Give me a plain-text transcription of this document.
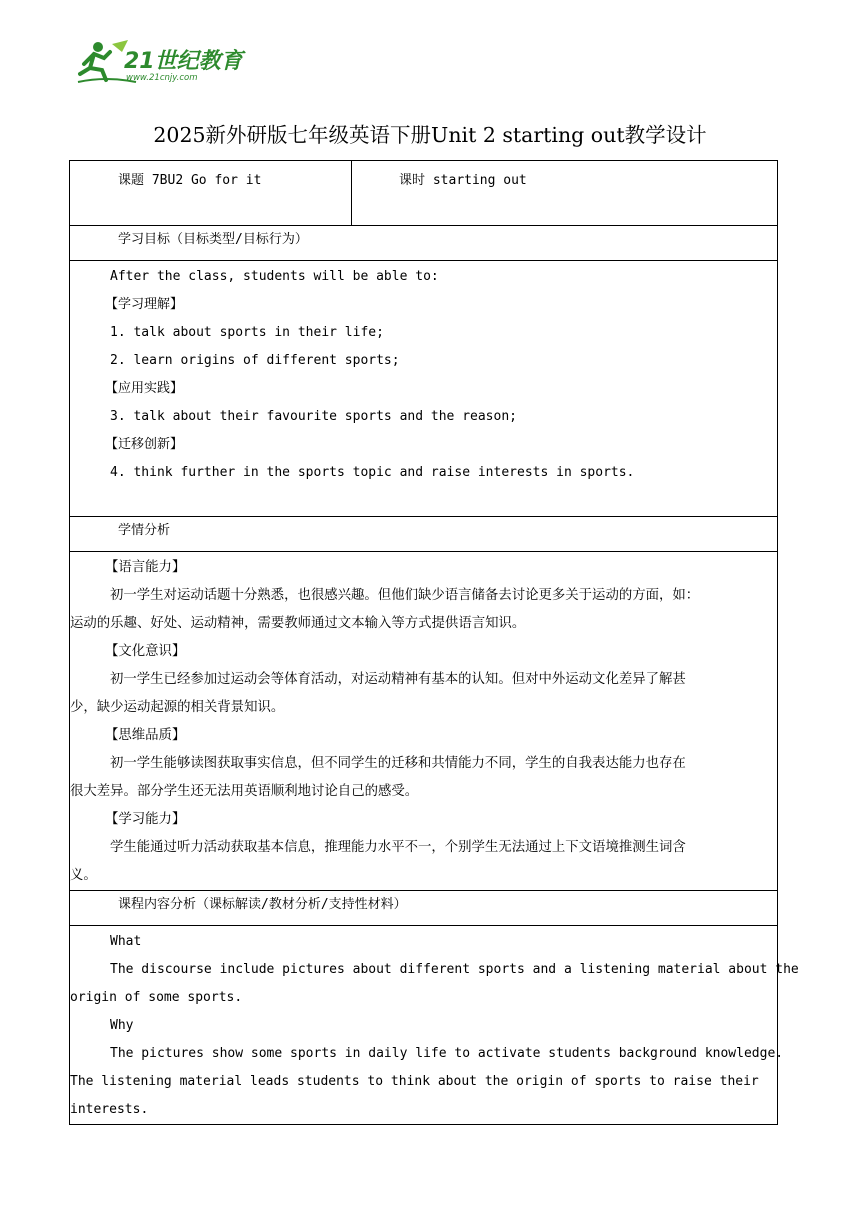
21世纪教育
www.21cnjy.com
2025新外研版七年级英语下册Unit 2 starting out教学设计
课题 7BU2 Go for it	课时 starting out
学习目标（目标类型/目标行为）

After the class, students will be able to:
【学习理解】
1. talk about sports in their life;
2. learn origins of different sports;
【应用实践】
3. talk about their favourite sports and the reason;
【迁移创新】
4. think further in the sports topic and raise interests in sports.

学情分析

【语言能力】
初一学生对运动话题十分熟悉，也很感兴趣。但他们缺少语言储备去讨论更多关于运动的方面，如：
运动的乐趣、好处、运动精神，需要教师通过文本输入等方式提供语言知识。
【文化意识】
初一学生已经参加过运动会等体育活动，对运动精神有基本的认知。但对中外运动文化差异了解甚
少，缺少运动起源的相关背景知识。
【思维品质】
初一学生能够读图获取事实信息，但不同学生的迁移和共情能力不同，学生的自我表达能力也存在
很大差异。部分学生还无法用英语顺利地讨论自己的感受。
【学习能力】
学生能通过听力活动获取基本信息，推理能力水平不一，个别学生无法通过上下文语境推测生词含
义。

课程内容分析（课标解读/教材分析/支持性材料）

What
The discourse include pictures about different sports and a listening material about the
origin of some sports.
Why
The pictures show some sports in daily life to activate students background knowledge.
The listening material leads students to think about the origin of sports to raise their
interests.
